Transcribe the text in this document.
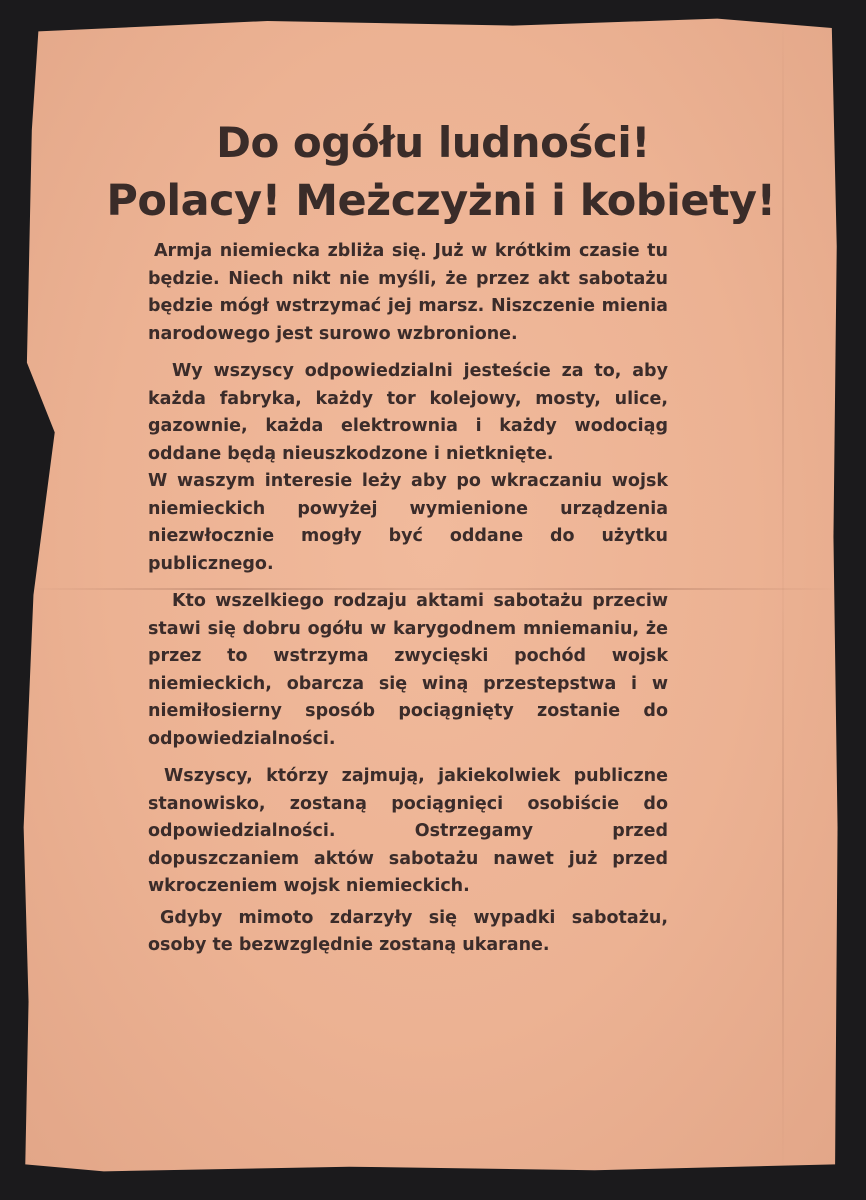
Do ogółu ludności!
Polacy! Meżczyżni i kobiety!

Armja niemiecka zbliża się. Już w krótkim czasie tu będzie. Niech nikt nie myśli, że przez akt sabotażu będzie mógł wstrzymać jej marsz. Niszczenie mienia narodowego jest surowo wzbronione.

Wy wszyscy odpowiedzialni jesteście za to, aby każda fabryka, każdy tor kolejowy, mosty, ulice, gazownie, każda elektrownia i każdy wodociąg oddane będą nieuszkodzone i nietknięte.

W waszym interesie leży aby po wkraczaniu wojsk niemieckich powyżej wymienione urządzenia niezwłocznie mogły być oddane do użytku publicznego.

Kto wszelkiego rodzaju aktami sabotażu przeciw stawi się dobru ogółu w karygodnem mniemaniu, że przez to wstrzyma zwycięski pochód wojsk niemieckich, obarcza się winą przestepstwa i w niemiłosierny sposób pociągnięty zostanie do odpowiedzialności.

Wszyscy, którzy zajmują, jakiekolwiek publiczne stanowisko, zostaną pociągnięci osobiście do odpowiedzialności. Ostrzegamy przed dopuszczaniem aktów sabotażu nawet już przed wkroczeniem wojsk niemieckich.

Gdyby mimoto zdarzyły się wypadki sabotażu, osoby te bezwzględnie zostaną ukarane.
